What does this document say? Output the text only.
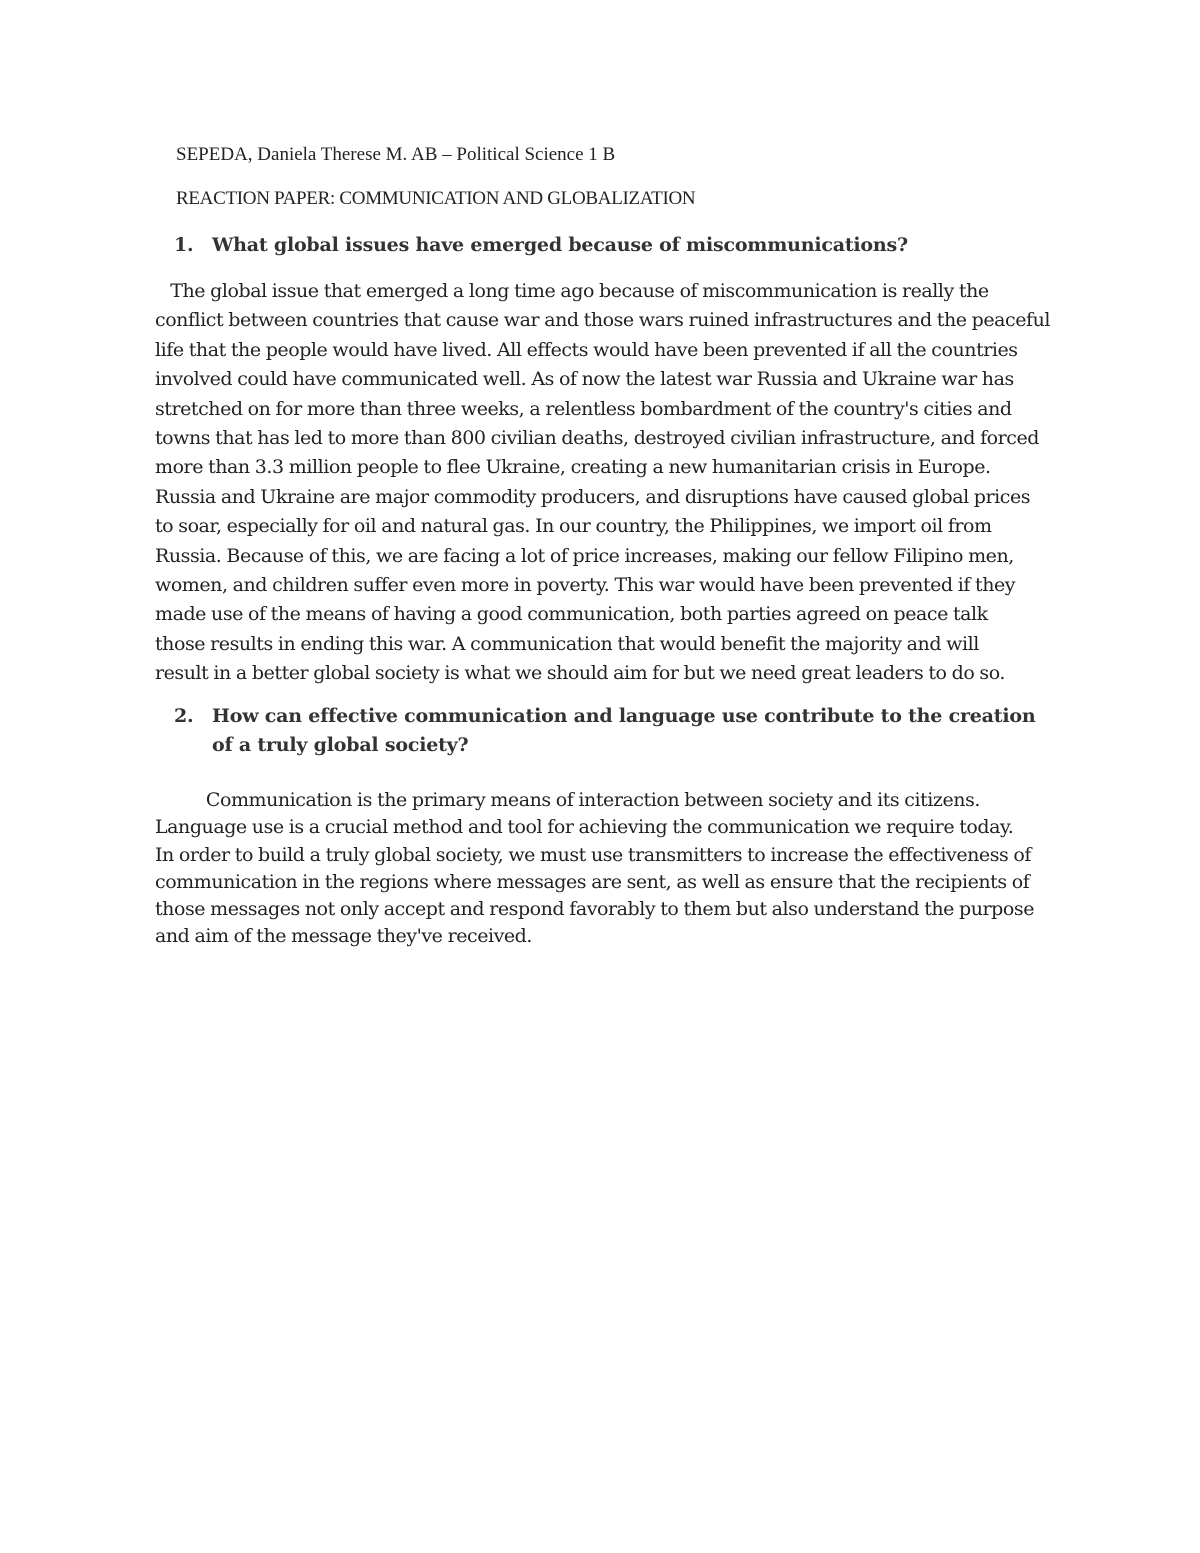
SEPEDA, Daniela Therese M. AB – Political Science 1 B
REACTION PAPER: COMMUNICATION AND GLOBALIZATION
1. What global issues have emerged because of miscommunications?
The global issue that emerged a long time ago because of miscommunication is really the
conflict between countries that cause war and those wars ruined infrastructures and the peaceful
life that the people would have lived. All effects would have been prevented if all the countries
involved could have communicated well. As of now the latest war Russia and Ukraine war has
stretched on for more than three weeks, a relentless bombardment of the country's cities and
towns that has led to more than 800 civilian deaths, destroyed civilian infrastructure, and forced
more than 3.3 million people to flee Ukraine, creating a new humanitarian crisis in Europe.
Russia and Ukraine are major commodity producers, and disruptions have caused global prices
to soar, especially for oil and natural gas. In our country, the Philippines, we import oil from
Russia. Because of this, we are facing a lot of price increases, making our fellow Filipino men,
women, and children suffer even more in poverty. This war would have been prevented if they
made use of the means of having a good communication, both parties agreed on peace talk
those results in ending this war. A communication that would benefit the majority and will
result in a better global society is what we should aim for but we need great leaders to do so.
2. How can effective communication and language use contribute to the creation of a truly global society?
Communication is the primary means of interaction between society and its citizens.
Language use is a crucial method and tool for achieving the communication we require today.
In order to build a truly global society, we must use transmitters to increase the effectiveness of
communication in the regions where messages are sent, as well as ensure that the recipients of
those messages not only accept and respond favorably to them but also understand the purpose
and aim of the message they've received.
